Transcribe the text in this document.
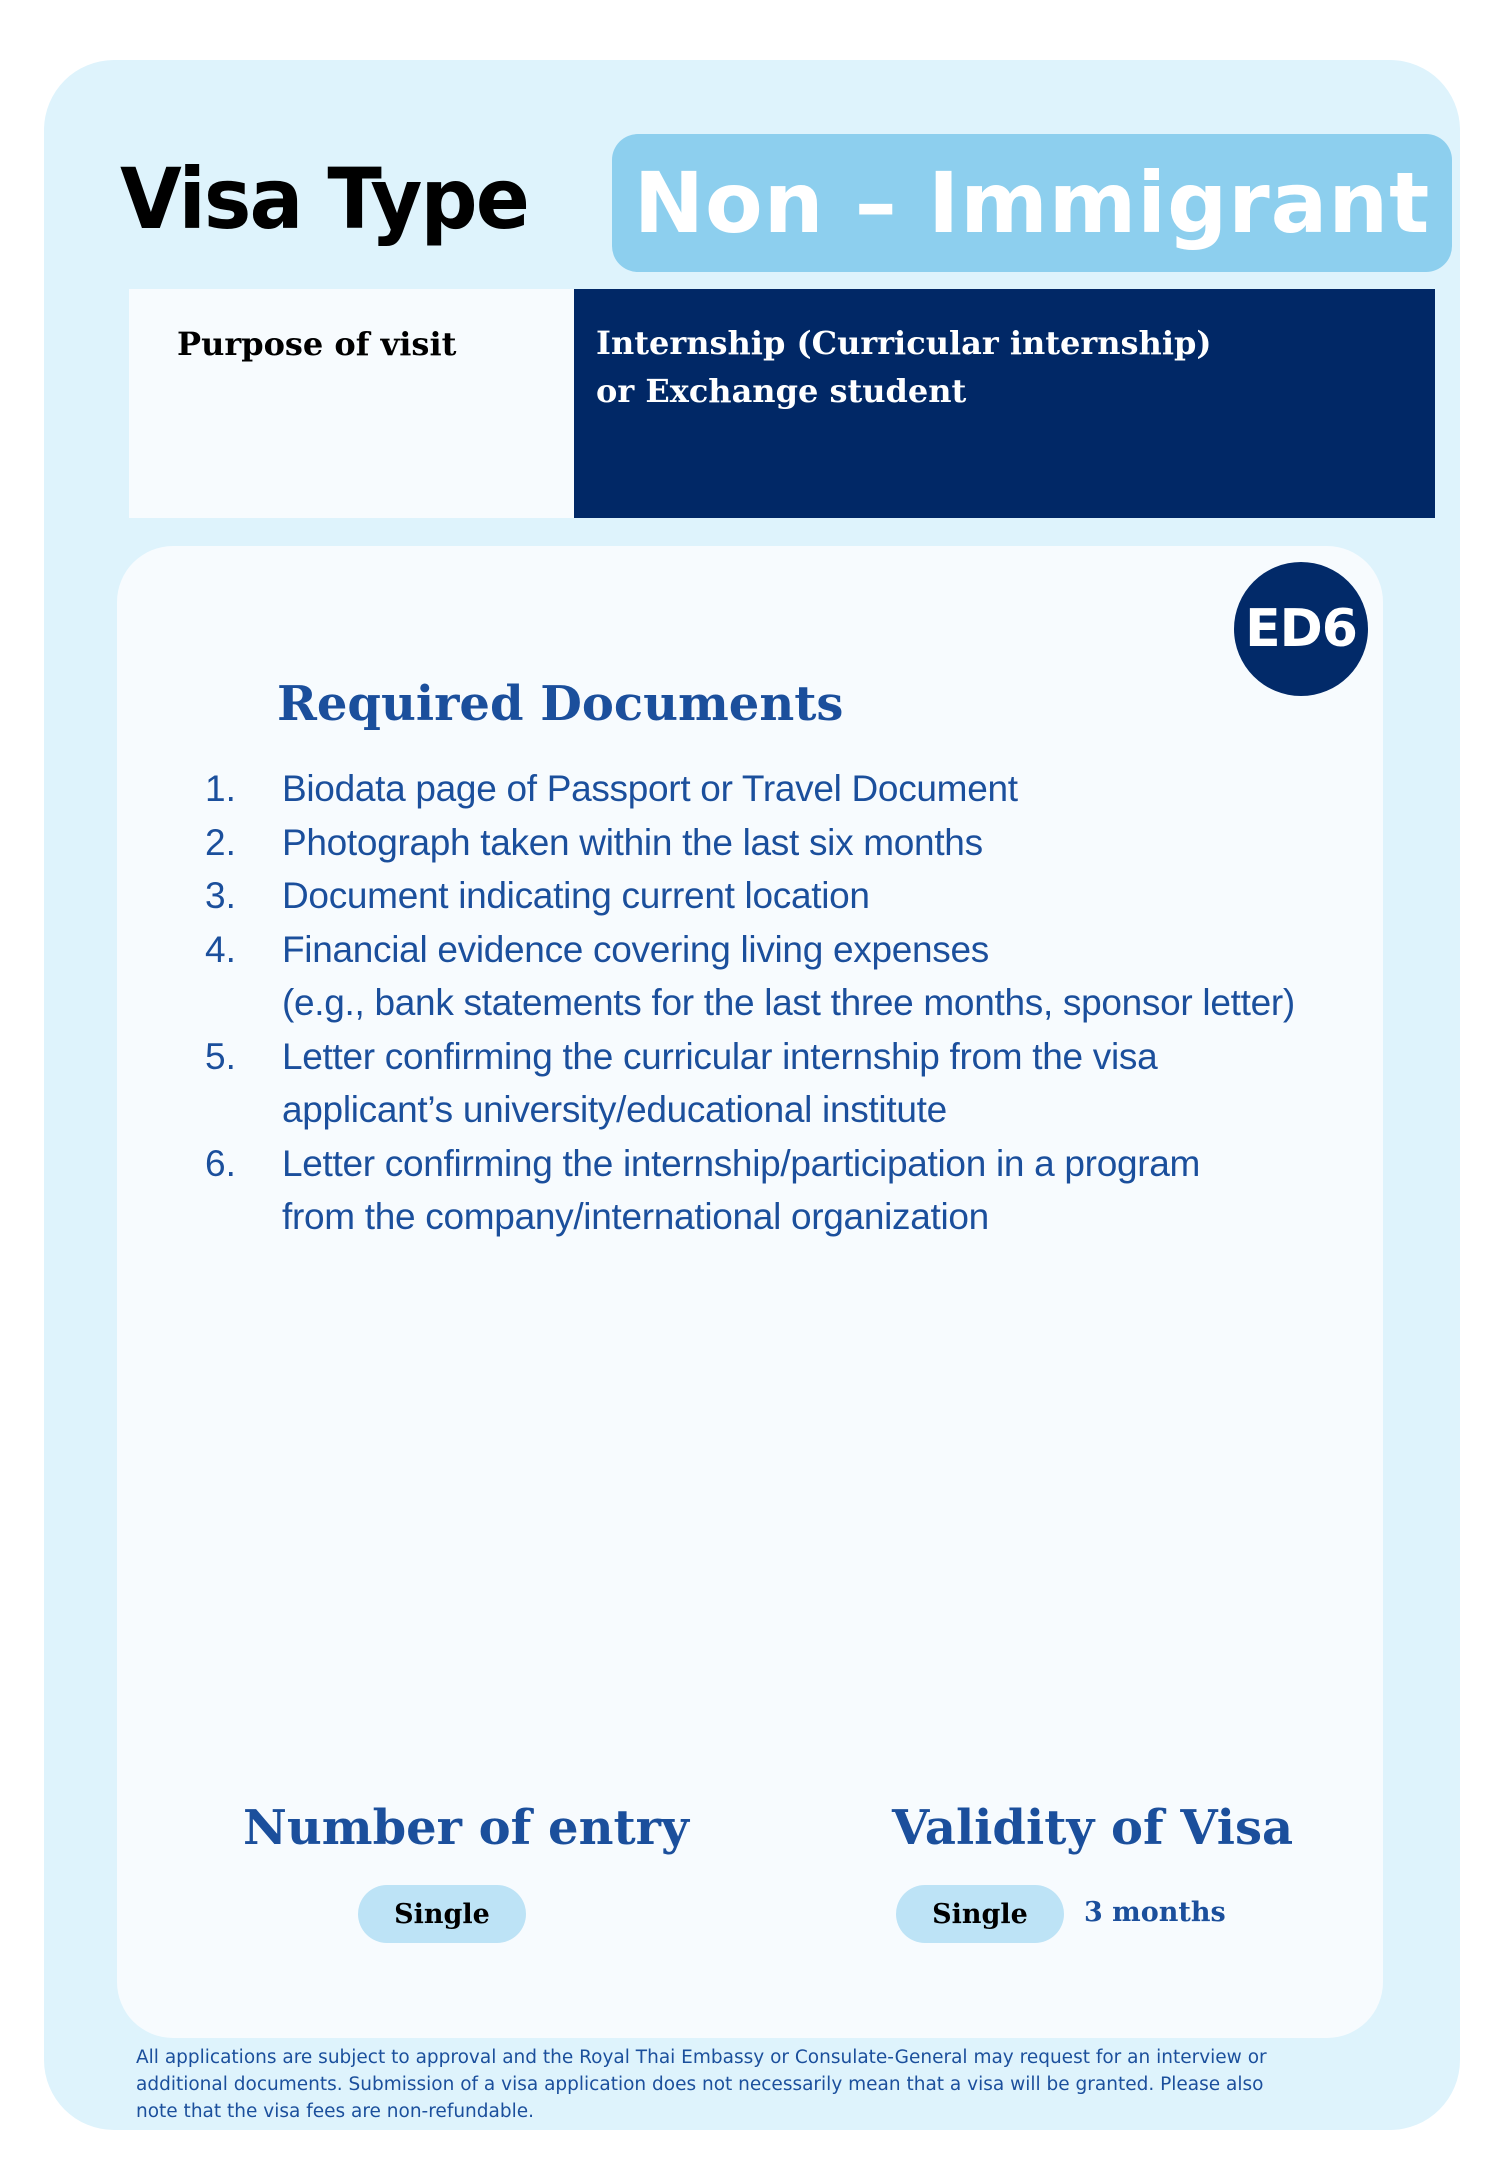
Visa Type Non – Immigrant
Purpose of visit	Internship (Curricular internship)
or Exchange student
ED6
Required Documents
1.	Biodata page of Passport or Travel Document
2.	Photograph taken within the last six months
3.	Document indicating current location
4.	Financial evidence covering living expenses
(e.g., bank statements for the last three months, sponsor letter)
5.	Letter confirming the curricular internship from the visa
applicant’s university/educational institute
6.	Letter confirming the internship/participation in a program
from the company/international organization
Number of entry
Single
Validity of Visa
Single	3 months
All applications are subject to approval and the Royal Thai Embassy or Consulate-General may request for an interview or
additional documents. Submission of a visa application does not necessarily mean that a visa will be granted. Please also
note that the visa fees are non-refundable.
